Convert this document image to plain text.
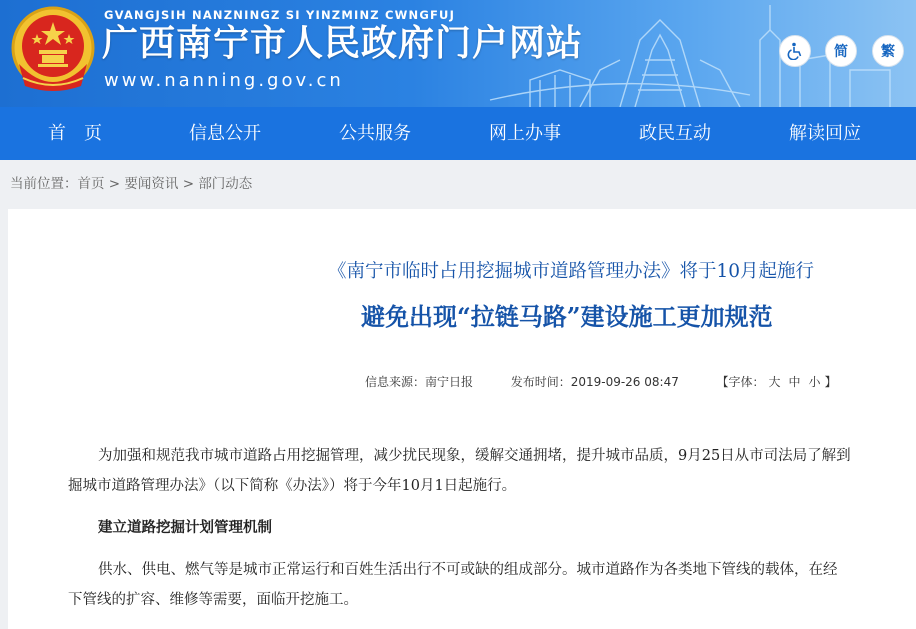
GVANGJSIH NANZNINGZ SI YINZMINZ CWNGFUJ

广西南宁市人民政府门户网站

www.nanning.gov.cn

简	繁
首　页	信息公开	公共服务	网上办事	政民互动	解读回应
当前位置：首页 > 要闻资讯 > 部门动态

《南宁市临时占用挖掘城市道路管理办法》将于10月起施行

避免出现“拉链马路”建设施工更加规范
信息来源：南宁日报	发布时间：2019-09-26 08:47	【字体： 大 中 小 】

为加强和规范我市城市道路占用挖掘管理，减少扰民现象，缓解交通拥堵，提升城市品质，9月25日从市司法局了解到

掘城市道路管理办法》（以下简称《办法》）将于今年10月1日起施行。

建立道路挖掘计划管理机制

供水、供电、燃气等是城市正常运行和百姓生活出行不可或缺的组成部分。城市道路作为各类地下管线的载体，在经

下管线的扩容、维修等需要，面临开挖施工。
